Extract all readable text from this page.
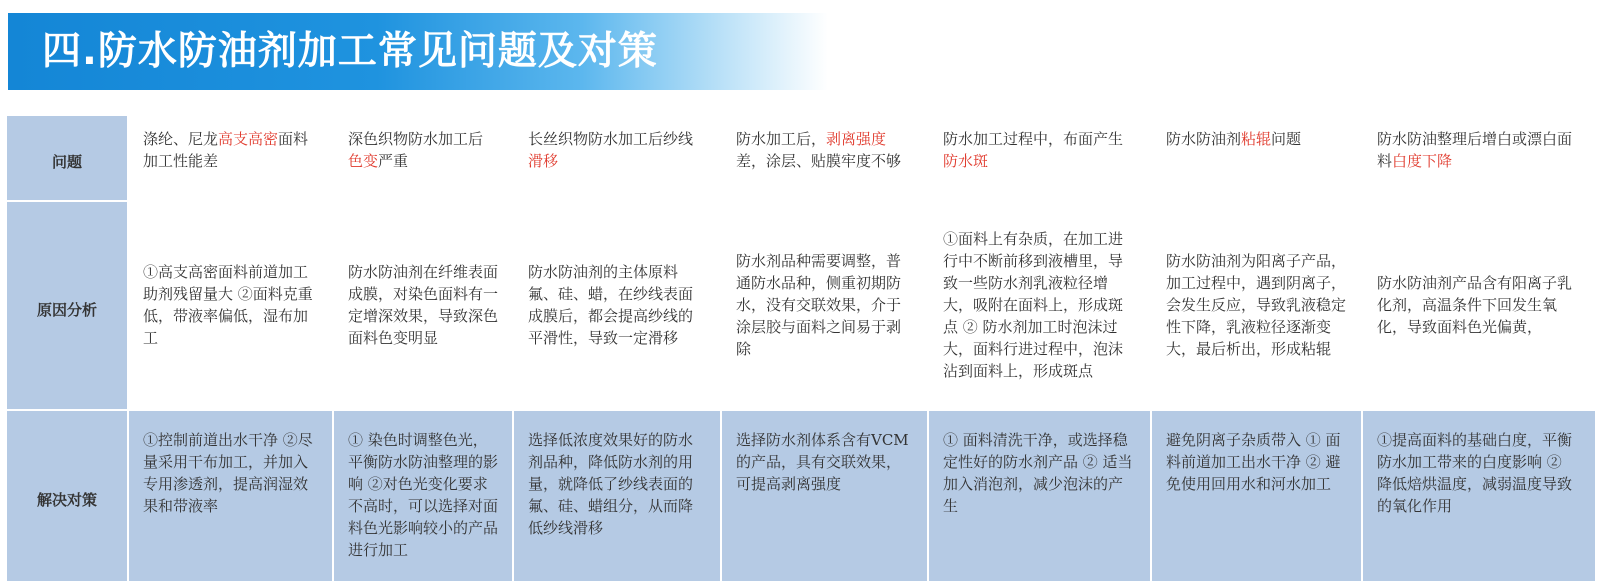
四.防水防油剂加工常见问题及对策
问题	涤纶、尼龙高支高密面料加工性能差	深色织物防水加工后色变严重	长丝织物防水加工后纱线滑移	防水加工后，剥离强度差，涂层、贴膜牢度不够	防水加工过程中，布面产生防水斑	防水防油剂粘辊问题	防水防油整理后增白或漂白面料白度下降
原因分析	①高支高密面料前道加工助剂残留量大 ②面料克重低，带液率偏低，湿布加工	防水防油剂在纤维表面成膜，对染色面料有一定增深效果，导致深色面料色变明显	防水防油剂的主体原料氟、硅、蜡，在纱线表面成膜后，都会提高纱线的平滑性，导致一定滑移	防水剂品种需要调整，普通防水品种，侧重初期防水，没有交联效果，介于涂层胶与面料之间易于剥除	①面料上有杂质，在加工进行中不断前移到液槽里，导致一些防水剂乳液粒径增大，吸附在面料上，形成斑点 ② 防水剂加工时泡沫过大，面料行进过程中，泡沫沾到面料上，形成斑点	防水防油剂为阳离子产品，加工过程中，遇到阴离子，会发生反应，导致乳液稳定性下降，乳液粒径逐渐变大，最后析出，形成粘辊	防水防油剂产品含有阳离子乳化剂，高温条件下回发生氧化，导致面料色光偏黄，

解决对策	①控制前道出水干净 ②尽量采用干布加工，并加入专用渗透剂，提高润湿效果和带液率	① 染色时调整色光，平衡防水防油整理的影响 ②对色光变化要求不高时，可以选择对面料色光影响较小的产品进行加工	选择低浓度效果好的防水剂品种，降低防水剂的用量，就降低了纱线表面的氟、硅、蜡组分，从而降低纱线滑移	选择防水剂体系含有VCM的产品，具有交联效果，可提高剥离强度	① 面料清洗干净，或选择稳定性好的防水剂产品 ② 适当加入消泡剂，减少泡沫的产生	避免阴离子杂质带入 ① 面料前道加工出水干净 ② 避免使用回用水和河水加工	①提高面料的基础白度，平衡防水加工带来的白度影响 ② 降低焙烘温度，减弱温度导致的氧化作用
